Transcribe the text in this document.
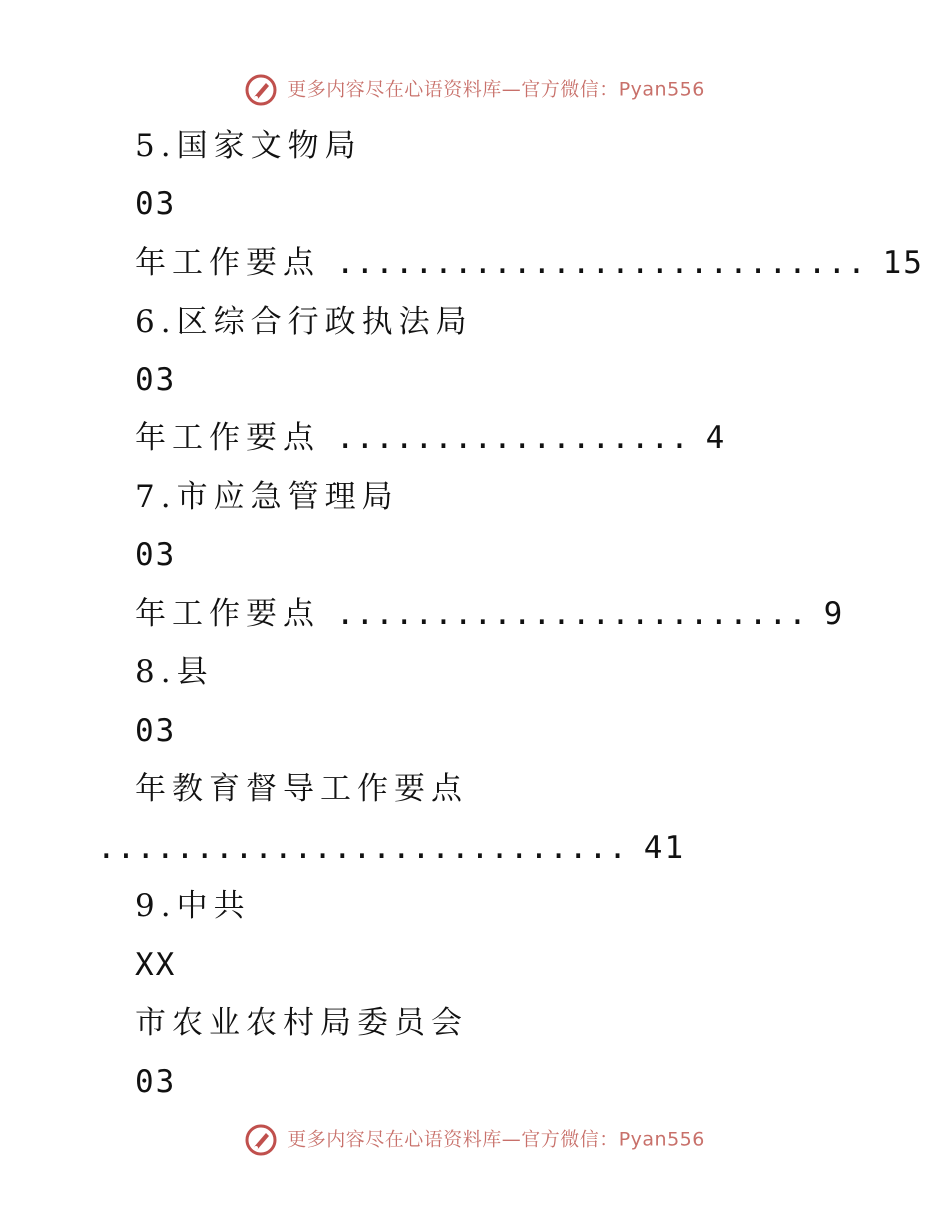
更多内容尽在心语资料库—官方微信：Pyan556
5.国家文物局
03
年工作要点 ........................... 15
6.区综合行政执法局
03
年工作要点 .................. 4
7.市应急管理局
03
年工作要点 ........................ 9
8.县
03
年教育督导工作要点
........................... 41
9.中共
XX
市农业农村局委员会
03
更多内容尽在心语资料库—官方微信：Pyan556
